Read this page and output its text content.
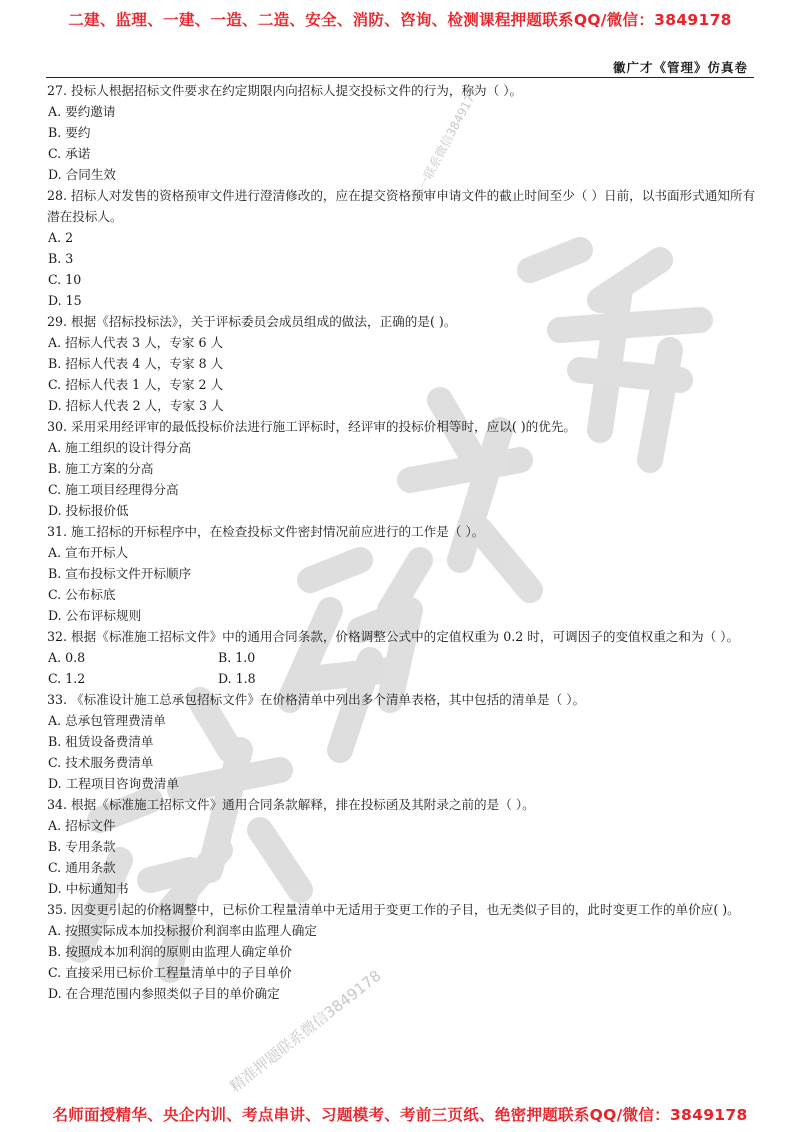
二建、监理、一建、一造、二造、安全、消防、咨询、检测课程押题联系QQ/微信：3849178
徽广才《管理》仿真卷
唯一联系微信3849178
精准押题联系微信3849178
27. 投标人根据招标文件要求在约定期限内向招标人提交投标文件的行为，称为（ ）。
A. 要约邀请
B. 要约
C. 承诺
D. 合同生效
28. 招标人对发售的资格预审文件进行澄清修改的，应在提交资格预审申请文件的截止时间至少（ ）日前，以书面形式通知所有潜在投标人。
A. 2
B. 3
C. 10
D. 15
29. 根据《招标投标法》，关于评标委员会成员组成的做法，正确的是( )。
A. 招标人代表 3 人，专家 6 人
B. 招标人代表 4 人，专家 8 人
C. 招标人代表 1 人，专家 2 人
D. 招标人代表 2 人，专家 3 人
30. 采用采用经评审的最低投标价法进行施工评标时，经评审的投标价相等时，应以( )的优先。
A. 施工组织的设计得分高
B. 施工方案的分高
C. 施工项目经理得分高
D. 投标报价低
31. 施工招标的开标程序中，在检查投标文件密封情况前应进行的工作是（ ）。
A. 宣布开标人
B. 宣布投标文件开标顺序
C. 公布标底
D. 公布评标规则
32. 根据《标准施工招标文件》中的通用合同条款，价格调整公式中的定值权重为 0.2 时，可调因子的变值权重之和为（ ）。
A. 0.8	B. 1.0
C. 1.2	D. 1.8
33. 《标准设计施工总承包招标文件》在价格清单中列出多个清单表格，其中包括的清单是（ ）。
A. 总承包管理费清单
B. 租赁设备费清单
C. 技术服务费清单
D. 工程项目咨询费清单
34. 根据《标准施工招标文件》通用合同条款解释，排在投标函及其附录之前的是（ ）。
A. 招标文件
B. 专用条款
C. 通用条款
D. 中标通知书
35. 因变更引起的价格调整中，已标价工程量清单中无适用于变更工作的子目，也无类似子目的，此时变更工作的单价应( )。
A. 按照实际成本加投标报价利润率由监理人确定
B. 按照成本加利润的原则由监理人确定单价
C. 直接采用已标价工程量清单中的子目单价
D. 在合理范围内参照类似子目的单价确定
名师面授精华、央企内训、考点串讲、习题模考、考前三页纸、绝密押题联系QQ/微信：3849178
